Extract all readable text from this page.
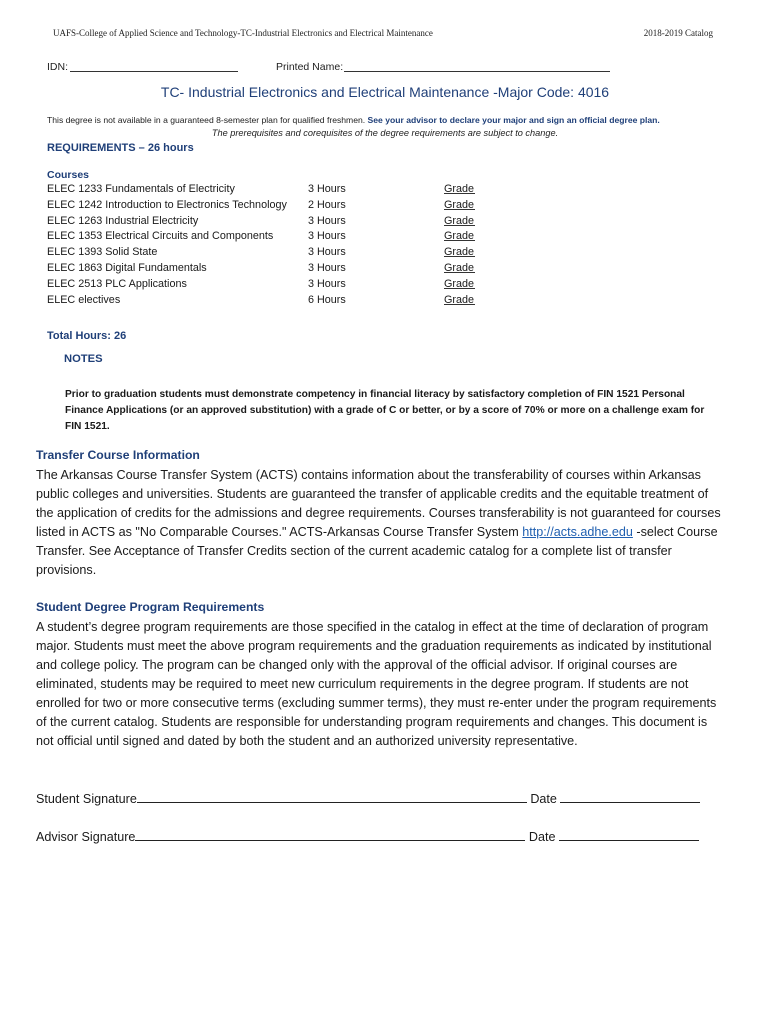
UAFS-College of Applied Science and Technology-TC-Industrial Electronics and Electrical Maintenance	2018-2019 Catalog
IDN:	Printed Name:
TC- Industrial Electronics and Electrical Maintenance -Major Code: 4016
This degree is not available in a guaranteed 8-semester plan for qualified freshmen. See your advisor to declare your major and sign an official degree plan.
The prerequisites and corequisites of the degree requirements are subject to change.
REQUIREMENTS – 26 hours
Courses
ELEC 1233 Fundamentals of Electricity	3 Hours	Grade
ELEC 1242 Introduction to Electronics Technology 2 Hours	Grade
ELEC 1263 Industrial Electricity	3 Hours	Grade
ELEC 1353 Electrical Circuits and Components	3 Hours	Grade
ELEC 1393 Solid State	3 Hours	Grade
ELEC 1863 Digital Fundamentals	3 Hours	Grade
ELEC 2513 PLC Applications	3 Hours	Grade
ELEC electives	6 Hours	Grade
Total Hours: 26
NOTES
Prior to graduation students must demonstrate competency in financial literacy by satisfactory completion of FIN 1521 Personal Finance Applications (or an approved substitution) with a grade of C or better, or by a score of 70% or more on a challenge exam for FIN 1521.
Transfer Course Information
The Arkansas Course Transfer System (ACTS) contains information about the transferability of courses within Arkansas public colleges and universities. Students are guaranteed the transfer of applicable credits and the equitable treatment of the application of credits for the admissions and degree requirements. Courses transferability is not guaranteed for courses listed in ACTS as "No Comparable Courses." ACTS-Arkansas Course Transfer System http://acts.adhe.edu -select Course Transfer. See Acceptance of Transfer Credits section of the current academic catalog for a complete list of transfer provisions.
Student Degree Program Requirements
A student’s degree program requirements are those specified in the catalog in effect at the time of declaration of program major. Students must meet the above program requirements and the graduation requirements as indicated by institutional and college policy. The program can be changed only with the approval of the official advisor. If original courses are eliminated, students may be required to meet new curriculum requirements in the degree program. If students are not enrolled for two or more consecutive terms (excluding summer terms), they must re-enter under the program requirements of the current catalog. Students are responsible for understanding program requirements and changes. This document is not official until signed and dated by both the student and an authorized university representative.
Student Signature	Date
Advisor Signature	Date
